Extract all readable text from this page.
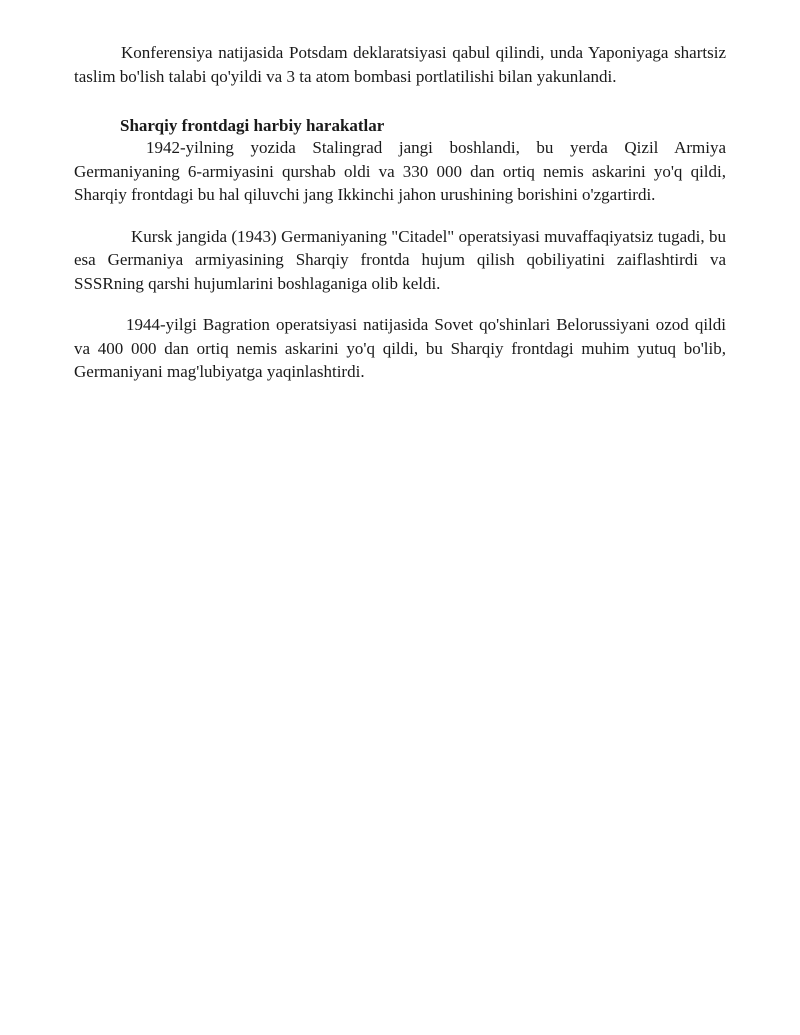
Konferensiya natijasida Potsdam deklaratsiyasi qabul qilindi, unda Yaponiyaga shartsiz taslim bo'lish talabi qo'yildi va 3 ta atom bombasi portlatilishi bilan yakunlandi.

Sharqiy frontdagi harbiy harakatlar

1942-yilning yozida Stalingrad jangi boshlandi, bu yerda Qizil Armiya Germaniyaning 6-armiyasini qurshab oldi va 330 000 dan ortiq nemis askarini yo'q qildi, Sharqiy frontdagi bu hal qiluvchi jang Ikkinchi jahon urushining borishini o'zgartirdi.

Kursk jangida (1943) Germaniyaning "Citadel" operatsiyasi muvaffaqiyatsiz tugadi, bu esa Germaniya armiyasining Sharqiy frontda hujum qilish qobiliyatini zaiflashtirdi va SSSRning qarshi hujumlarini boshlaganiga olib keldi.

1944-yilgi Bagration operatsiyasi natijasida Sovet qo'shinlari Belorussiyani ozod qildi va 400 000 dan ortiq nemis askarini yo'q qildi, bu Sharqiy frontdagi muhim yutuq bo'lib, Germaniyani mag'lubiyatga yaqinlashtirdi.
